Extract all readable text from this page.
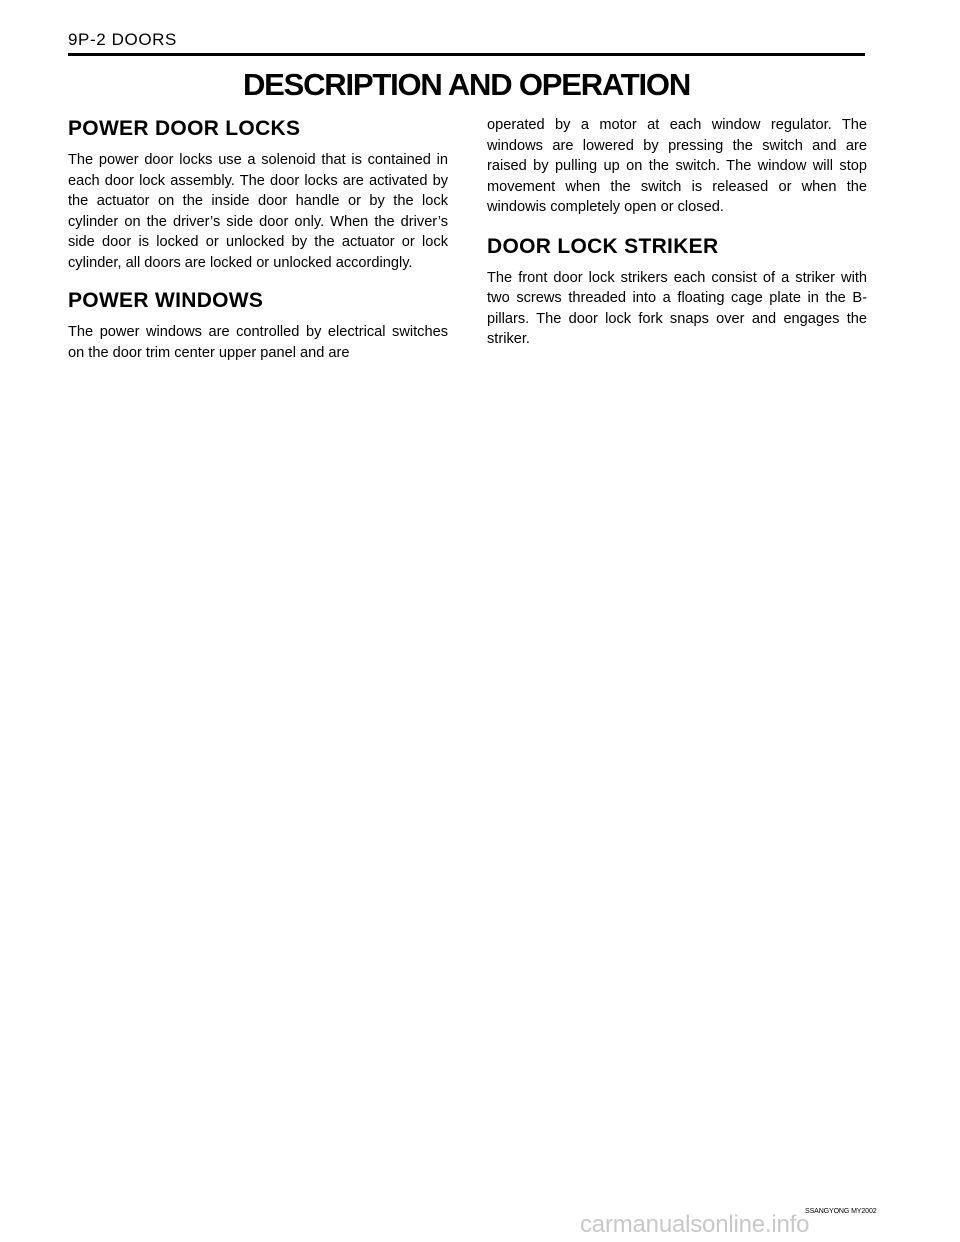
9P-2 DOORS
DESCRIPTION AND OPERATION
POWER DOOR LOCKS

The power door locks use a solenoid that is contained in each door lock assembly. The door locks are activated by the actuator on the inside door handle or by the lock cylinder on the driver’s side door only. When the driver’s side door is locked or unlocked by the actuator or lock cylinder, all doors are locked or unlocked accordingly.

POWER WINDOWS

The power windows are controlled by electrical switches on the door trim center upper panel and are

operated by a motor at each window regulator. The windows are lowered by pressing the switch and are raised by pulling up on the switch. The window will stop movement when the switch is released or when the windowis completely open or closed.

DOOR LOCK STRIKER

The front door lock strikers each consist of a striker with two screws threaded into a floating cage plate in the B-pillars. The door lock fork snaps over and engages the striker.

SSANGYONG MY2002
carmanualsonline.info
